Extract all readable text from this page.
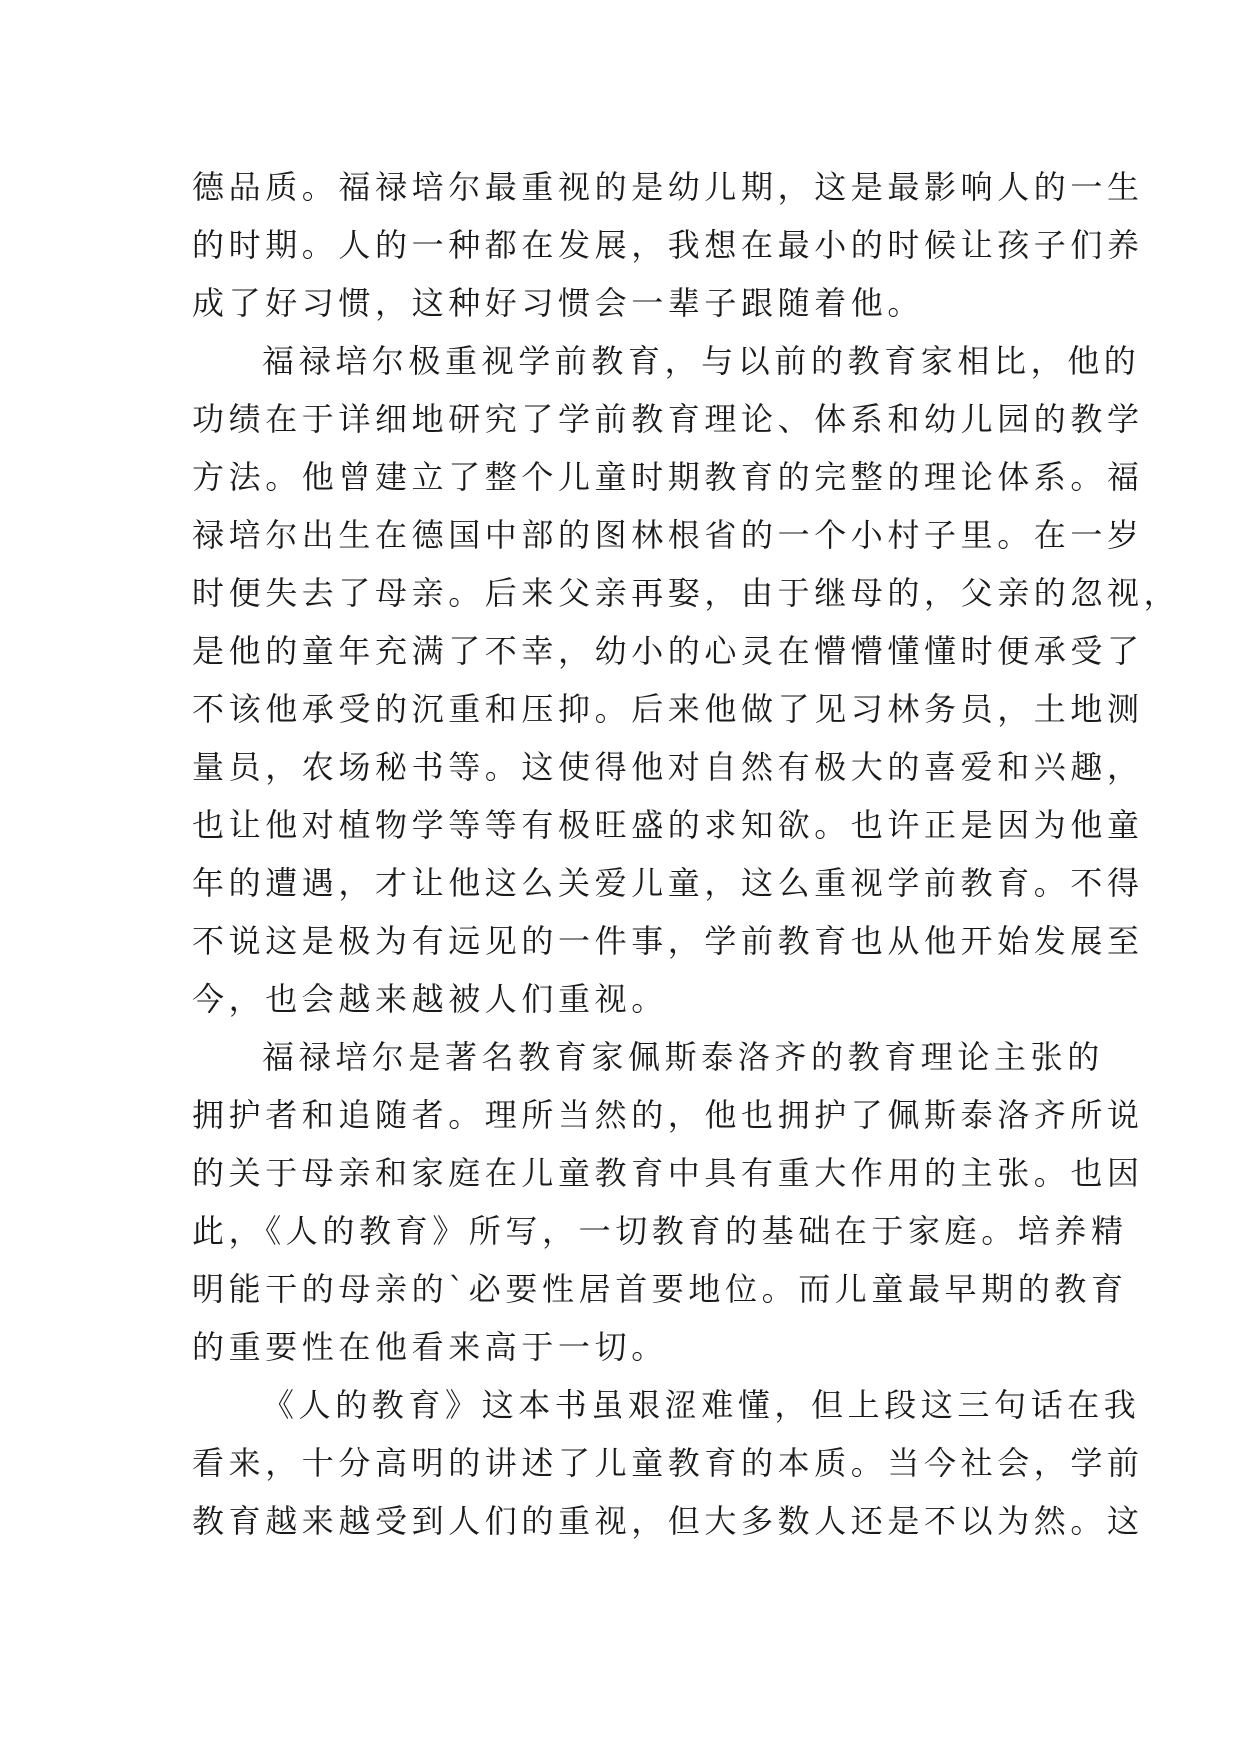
德品质。福禄培尔最重视的是幼儿期，这是最影响人的一生
的时期。人的一种都在发展，我想在最小的时候让孩子们养
成了好习惯，这种好习惯会一辈子跟随着他。
福禄培尔极重视学前教育，与以前的教育家相比，他的
功绩在于详细地研究了学前教育理论、体系和幼儿园的教学
方法。他曾建立了整个儿童时期教育的完整的理论体系。福
禄培尔出生在德国中部的图林根省的一个小村子里。在一岁
时便失去了母亲。后来父亲再娶，由于继母的，父亲的忽视，
是他的童年充满了不幸，幼小的心灵在懵懵懂懂时便承受了
不该他承受的沉重和压抑。后来他做了见习林务员，土地测
量员，农场秘书等。这使得他对自然有极大的喜爱和兴趣，
也让他对植物学等等有极旺盛的求知欲。也许正是因为他童
年的遭遇，才让他这么关爱儿童，这么重视学前教育。不得
不说这是极为有远见的一件事，学前教育也从他开始发展至
今，也会越来越被人们重视。
福禄培尔是著名教育家佩斯泰洛齐的教育理论主张的
拥护者和追随者。理所当然的，他也拥护了佩斯泰洛齐所说
的关于母亲和家庭在儿童教育中具有重大作用的主张。也因
此，《人的教育》所写，一切教育的基础在于家庭。培养精
明能干的母亲的`必要性居首要地位。而儿童最早期的教育
的重要性在他看来高于一切。
《人的教育》这本书虽艰涩难懂，但上段这三句话在我
看来，十分高明的讲述了儿童教育的本质。当今社会，学前
教育越来越受到人们的重视，但大多数人还是不以为然。这
